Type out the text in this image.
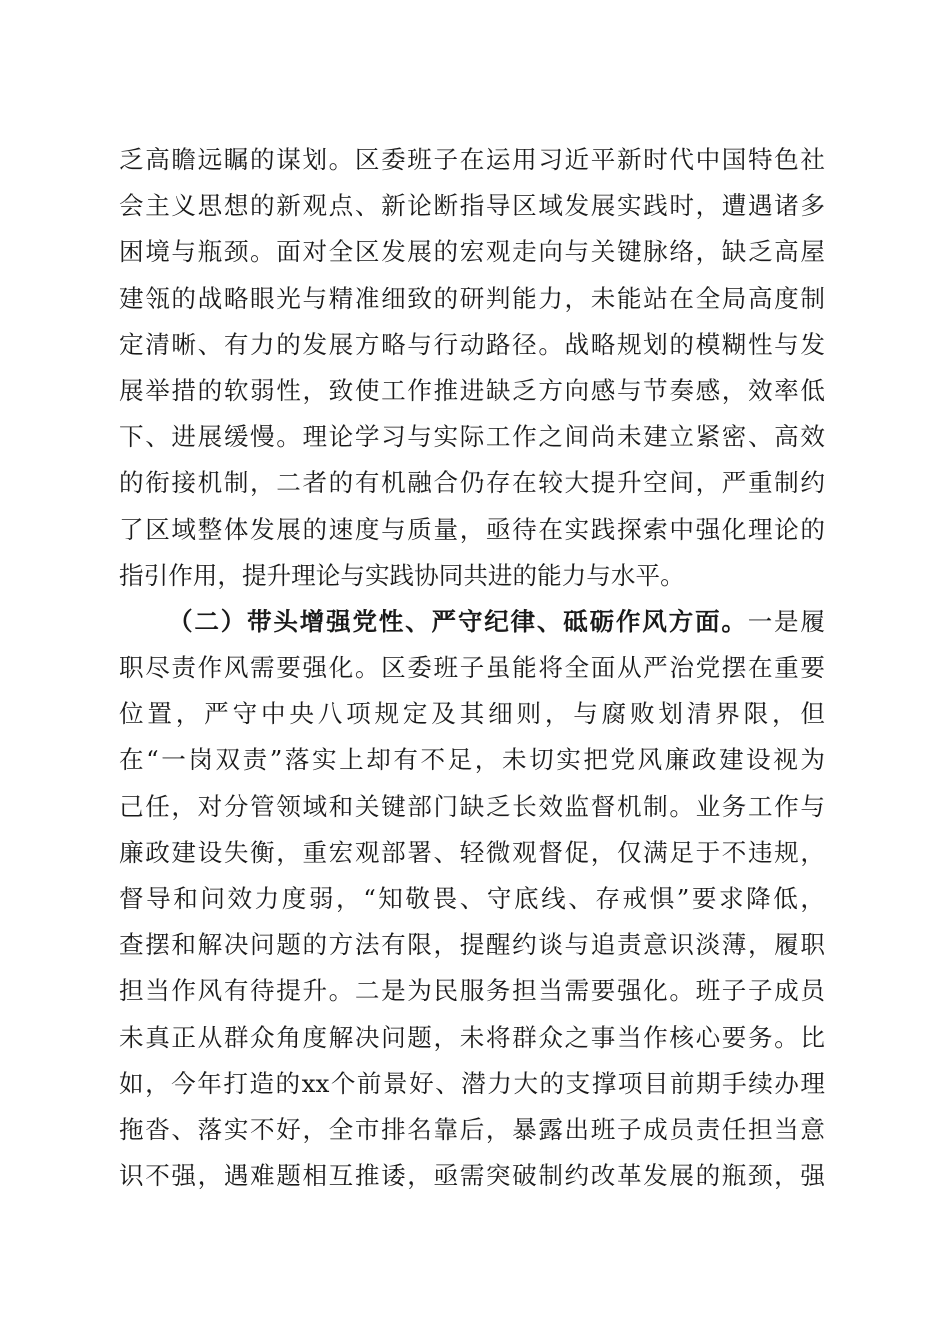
乏高瞻远瞩的谋划。区委班子在运用习近平新时代中国特色社
会主义思想的新观点、新论断指导区域发展实践时，遭遇诸多
困境与瓶颈。面对全区发展的宏观走向与关键脉络，缺乏高屋
建瓴的战略眼光与精准细致的研判能力，未能站在全局高度制
定清晰、有力的发展方略与行动路径。战略规划的模糊性与发
展举措的软弱性，致使工作推进缺乏方向感与节奏感，效率低
下、进展缓慢。理论学习与实际工作之间尚未建立紧密、高效
的衔接机制，二者的有机融合仍存在较大提升空间，严重制约
了区域整体发展的速度与质量，亟待在实践探索中强化理论的
指引作用，提升理论与实践协同共进的能力与水平。
（二）带头增强党性、严守纪律、砥砺作风方面。一是履
职尽责作风需要强化。区委班子虽能将全面从严治党摆在重要
位置，严守中央八项规定及其细则，与腐败划清界限，但
在“一岗双责”落实上却有不足，未切实把党风廉政建设视为
己任，对分管领域和关键部门缺乏长效监督机制。业务工作与
廉政建设失衡，重宏观部署、轻微观督促，仅满足于不违规，
督导和问效力度弱，“知敬畏、守底线、存戒惧”要求降低，
查摆和解决问题的方法有限，提醒约谈与追责意识淡薄，履职
担当作风有待提升。二是为民服务担当需要强化。班子子成员
未真正从群众角度解决问题，未将群众之事当作核心要务。比
如，今年打造的xx个前景好、潜力大的支撑项目前期手续办理
拖沓、落实不好，全市排名靠后，暴露出班子成员责任担当意
识不强，遇难题相互推诿，亟需突破制约改革发展的瓶颈，强
